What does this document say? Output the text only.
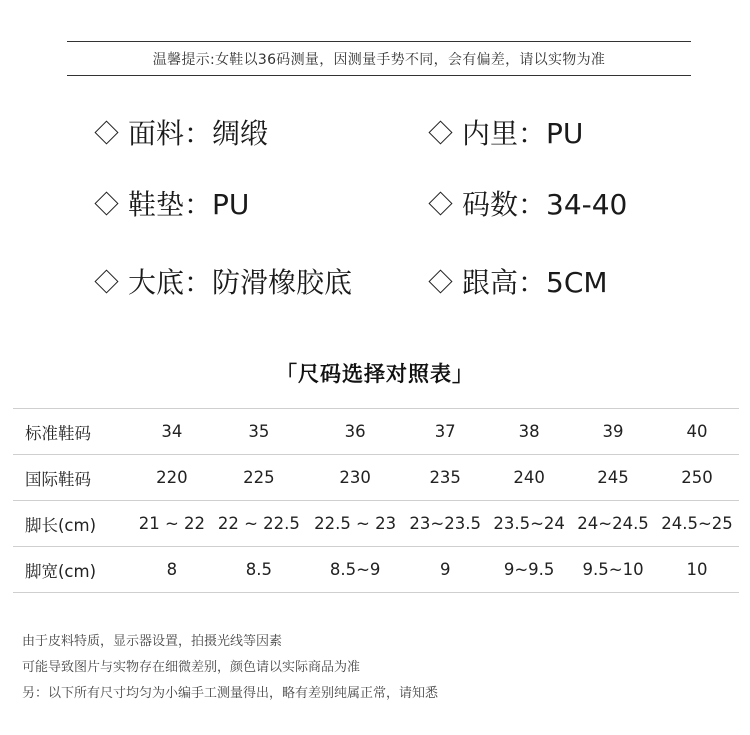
温馨提示:女鞋以36码测量，因测量手势不同，会有偏差，请以实物为准
面料：绸缎	内里：PU
鞋垫：PU	码数：34-40
大底：防滑橡胶底	跟高：5CM
「尺码选择对照表」
标准鞋码	34	35	36	37	38	39	40
国际鞋码	220	225	230	235	240	245	250
脚长(cm)	21 ~ 22	22 ~ 22.5	22.5 ~ 23	23~23.5	23.5~24	24~24.5	24.5~25
脚宽(cm)	8	8.5	8.5~9	9	9~9.5	9.5~10	10
由于皮料特质，显示器设置，拍摄光线等因素
可能导致图片与实物存在细微差别，颜色请以实际商品为准
另：以下所有尺寸均匀为小编手工测量得出，略有差别纯属正常，请知悉
